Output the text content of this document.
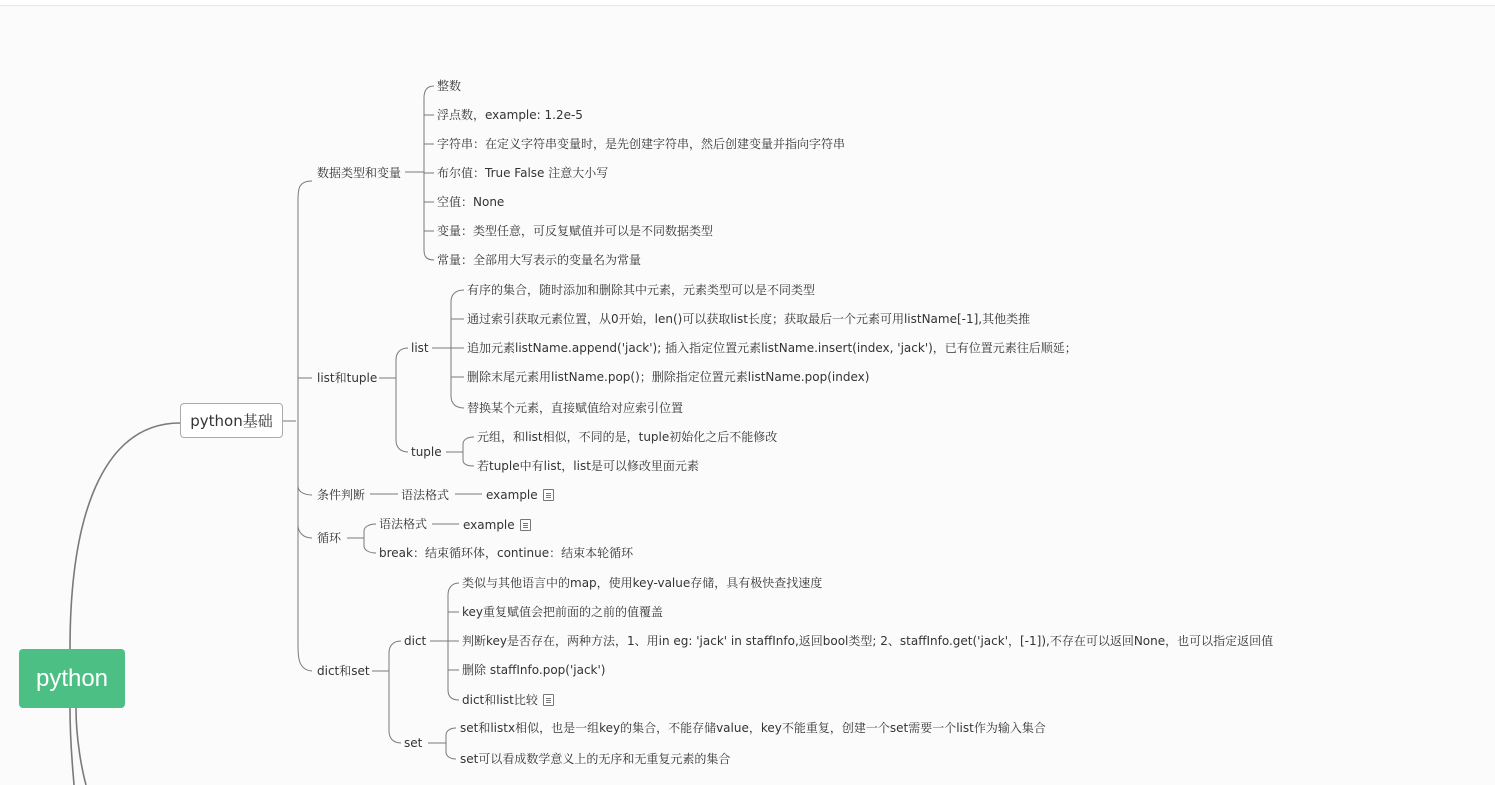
python
python基础
数据类型和变量
整数
浮点数，example: 1.2e-5
字符串：在定义字符串变量时，是先创建字符串，然后创建变量并指向字符串
布尔值：True False 注意大小写
空值：None
变量：类型任意，可反复赋值并可以是不同数据类型
常量：全部用大写表示的变量名为常量
list和tuple
list
有序的集合，随时添加和删除其中元素，元素类型可以是不同类型
通过索引获取元素位置，从0开始，len()可以获取list长度；获取最后一个元素可用listName[-1],其他类推
追加元素listName.append('jack'); 插入指定位置元素listName.insert(index, 'jack')，已有位置元素往后顺延；
删除末尾元素用listName.pop()；删除指定位置元素listName.pop(index)
替换某个元素，直接赋值给对应索引位置
tuple
元组，和list相似，不同的是，tuple初始化之后不能修改
若tuple中有list，list是可以修改里面元素
条件判断	语法格式	example
循环
语法格式	example
break：结束循环体，continue：结束本轮循环
dict和set
dict
类似与其他语言中的map，使用key-value存储，具有极快查找速度
key重复赋值会把前面的之前的值覆盖
判断key是否存在，两种方法，1、用in eg: 'jack' in staffInfo,返回bool类型; 2、staffInfo.get('jack'，[-1]),不存在可以返回None，也可以指定返回值
删除 staffInfo.pop('jack')
dict和list比较
set
set和listx相似，也是一组key的集合，不能存储value，key不能重复，创建一个set需要一个list作为输入集合
set可以看成数学意义上的无序和无重复元素的集合
